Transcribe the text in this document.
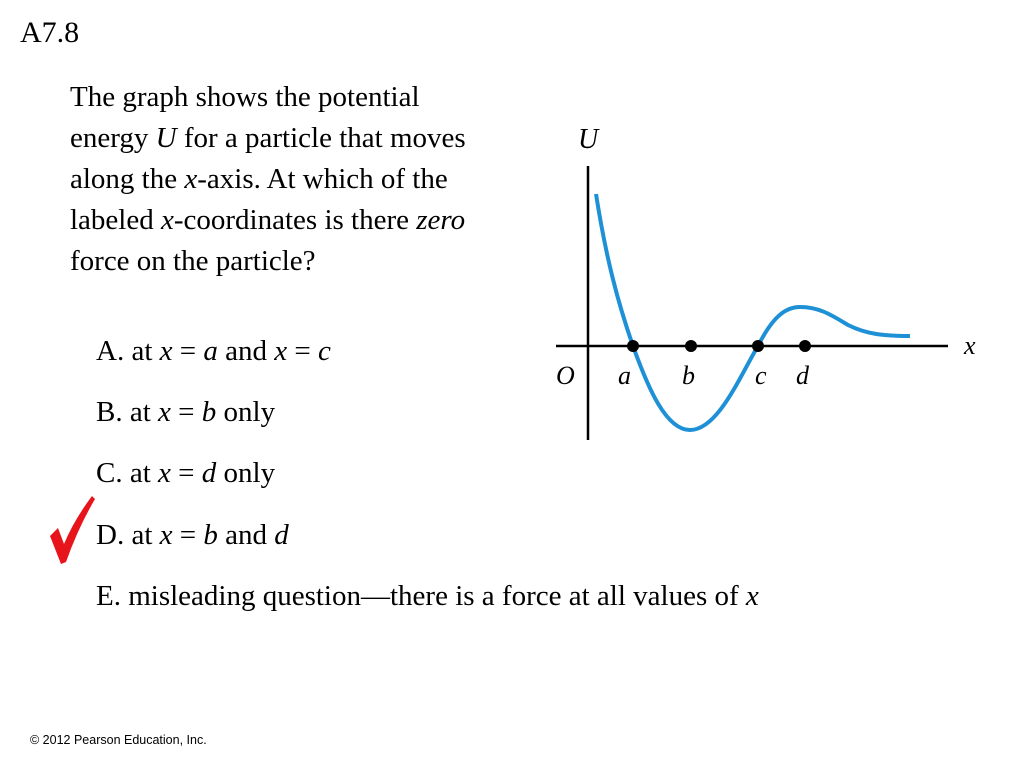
A7.8
The graph shows the potential
energy U for a particle that moves
along the x-axis. At which of the
labeled x-coordinates is there zero
force on the particle?
A. at x = a and x = c
B. at x = b only
C. at x = d only
D. at x = b and d
E. misleading question—there is a force at all values of x
U
x
O a b c d
© 2012 Pearson Education, Inc.
